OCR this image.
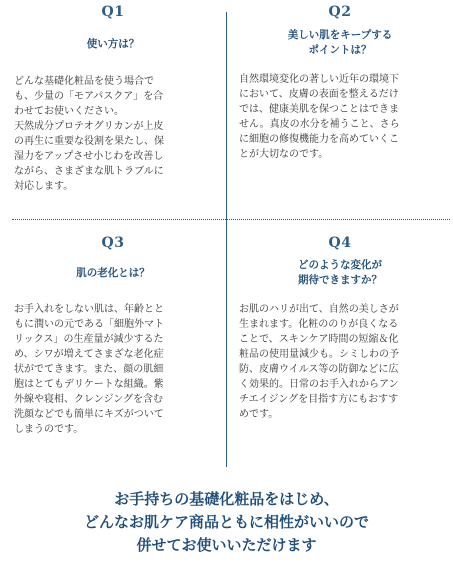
Q1
使い方は？
どんな基礎化粧品を使う場合で
も、少量の「モアパスクア」を合
わせてお使いください。
天然成分プロテオグリカンが上皮
の再生に重要な役割を果たし、保
湿力をアップさせ小じわを改善し
ながら、さまざまな肌トラブルに
対応します。
Q2
美しい肌をキープする
ポイントは？
自然環境変化の著しい近年の環境下
において、皮膚の表面を整えるだけ
では、健康美肌を保つことはできま
せん。真皮の水分を補うこと、さら
に細胞の修復機能力を高めていくこ
とが大切なのです。
Q3
肌の老化とは？
お手入れをしない肌は、年齢とと
もに潤いの元である「細胞外マト
リックス」の生産量が減少するた
め、シワが増えてさまざな老化症
状がでてきます。また、顔の肌細
胞はとてもデリケートな組織。紫
外線や寝相、クレンジングを含む
洗顔などでも簡単にキズがついて
しまうのです。
Q4
どのような変化が
期待できますか？
お肌のハリが出て、自然の美しさが
生まれます。化粧ののりが良くなる
ことで、スキンケア時間の短縮＆化
粧品の使用量減少も。シミしわの予
防、皮膚ウイルス等の防御などに広
く効果的。日常のお手入れからアン
チエイジングを目指す方にもおすす
めです。
お手持ちの基礎化粧品をはじめ、
どんなお肌ケア商品ともに相性がいいので
併せてお使いいただけます
